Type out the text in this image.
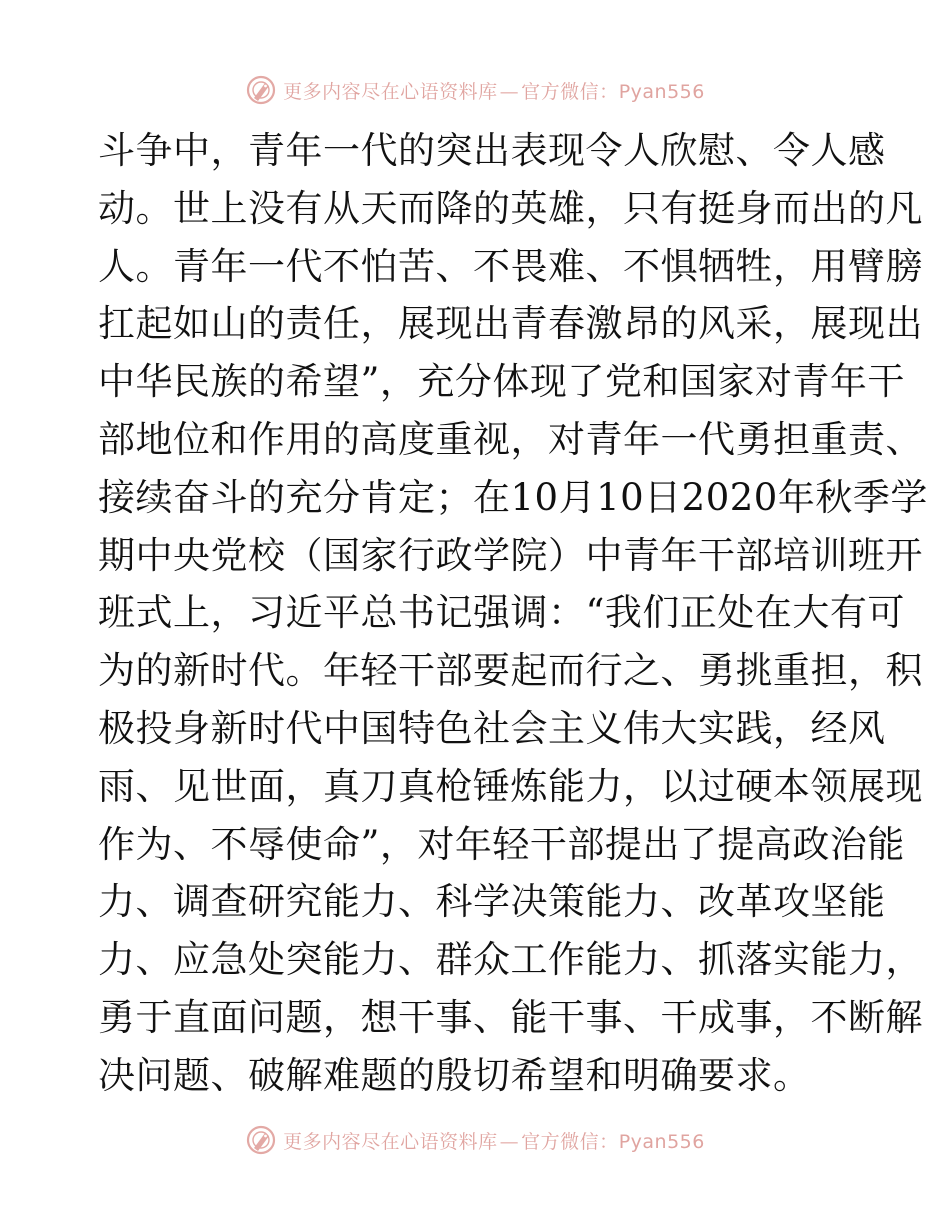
更多内容尽在心语资料库 — 官方微信：Pyan556
斗争中，青年一代的突出表现令人欣慰、令人感
动。世上没有从天而降的英雄，只有挺身而出的凡
人。青年一代不怕苦、不畏难、不惧牺牲，用臂膀
扛起如山的责任，展现出青春激昂的风采，展现出
中华民族的希望”，充分体现了党和国家对青年干
部地位和作用的高度重视，对青年一代勇担重责、
接续奋斗的充分肯定；在10月10日2020年秋季学
期中央党校（国家行政学院）中青年干部培训班开
班式上，习近平总书记强调：“我们正处在大有可
为的新时代。年轻干部要起而行之、勇挑重担，积
极投身新时代中国特色社会主义伟大实践，经风
雨、见世面，真刀真枪锤炼能力，以过硬本领展现
作为、不辱使命”，对年轻干部提出了提高政治能
力、调查研究能力、科学决策能力、改革攻坚能
力、应急处突能力、群众工作能力、抓落实能力，
勇于直面问题，想干事、能干事、干成事，不断解
决问题、破解难题的殷切希望和明确要求。
更多内容尽在心语资料库 — 官方微信：Pyan556
